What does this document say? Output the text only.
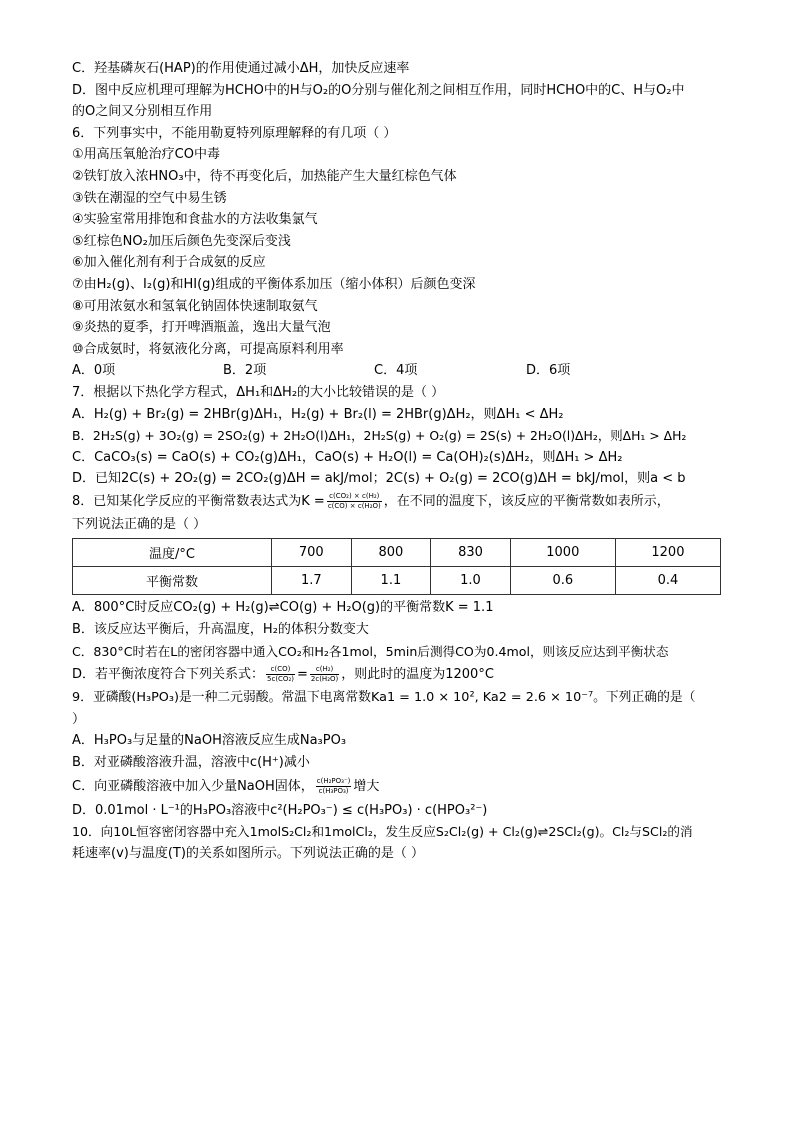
C．羟基磷灰石(HAP)的作用使通过减小ΔH，加快反应速率
D．图中反应机理可理解为HCHO中的H与O₂的O分别与催化剂之间相互作用，同时HCHO中的C、H与O₂中
的O之间又分别相互作用
6．下列事实中，不能用勒夏特列原理解释的有几项（ ）
①用高压氧舱治疗CO中毒
②铁钉放入浓HNO₃中，待不再变化后，加热能产生大量红棕色气体
③铁在潮湿的空气中易生锈
④实验室常用排饱和食盐水的方法收集氯气
⑤红棕色NO₂加压后颜色先变深后变浅
⑥加入催化剂有利于合成氨的反应
⑦由H₂(g)、I₂(g)和HI(g)组成的平衡体系加压（缩小体积）后颜色变深
⑧可用浓氨水和氢氧化钠固体快速制取氨气
⑨炎热的夏季，打开啤酒瓶盖，逸出大量气泡
⑩合成氨时，将氨液化分离，可提高原料利用率
A．0项	B．2项	C．4项	D．6项
7．根据以下热化学方程式，ΔH₁和ΔH₂的大小比较错误的是（ ）
A．H₂(g) + Br₂(g) = 2HBr(g)ΔH₁，H₂(g) + Br₂(l) = 2HBr(g)ΔH₂，则ΔH₁ < ΔH₂
B．2H₂S(g) + 3O₂(g) = 2SO₂(g) + 2H₂O(l)ΔH₁，2H₂S(g) + O₂(g) = 2S(s) + 2H₂O(l)ΔH₂，则ΔH₁ > ΔH₂
C．CaCO₃(s) = CaO(s) + CO₂(g)ΔH₁，CaO(s) + H₂O(l) = Ca(OH)₂(s)ΔH₂，则ΔH₁ > ΔH₂
D．已知2C(s) + 2O₂(g) = 2CO₂(g)ΔH = akJ/mol；2C(s) + O₂(g) = 2CO(g)ΔH = bkJ/mol，则a < b
8．已知某化学反应的平衡常数表达式为$K = \frac{\text{c(CO₂) × c(H₂)}}{\text{c(CO) × c(H₂O)}}$ ，在不同的温度下，该反应的平衡常数如表所示，
下列说法正确的是（ ）
温度/°C	700	800	830	1000	1200
平衡常数	1.7	1.1	1.0	0.6	0.4
A．800°C时反应CO₂(g) + H₂(g)⇌CO(g) + H₂O(g)的平衡常数K = 1.1
B．该反应达平衡后，升高温度，H₂的体积分数变大
C．830°C时若在L的密闭容器中通入CO₂和H₂各1mol，5min后测得CO为0.4mol，则该反应达到平衡状态
D．若平衡浓度符合下列关系式： $\frac{c(CO)}{\text{5c(CO₂)}} = \frac{\text{c(H₂)}}{\text{2c(H₂O)}}$ ，则此时的温度为1200°C
9．亚磷酸(H₃PO₃)是一种二元弱酸。常温下电离常数Ka1 = 1.0 × 10², Ka2 = 2.6 × 10⁻⁷。下列正确的是（
）
A．H₃PO₃与足量的NaOH溶液反应生成Na₃PO₃
B．对亚磷酸溶液升温，溶液中c(H⁺)减小
C．向亚磷酸溶液中加入少量NaOH固体， $\frac{\text{c(H₂PO₃⁻)}}{\text{c(H₃PO₃)}}$ 增大
D．0.01mol · L⁻¹的H₃PO₃溶液中c²(H₂PO₃⁻) ≤ c(H₃PO₃) · c(HPO₃²⁻)
10．向10L恒容密闭容器中充入1molS₂Cl₂和1molCl₂，发生反应S₂Cl₂(g) + Cl₂(g)⇌2SCl₂(g)。Cl₂与SCl₂的消
耗速率(v)与温度(T)的关系如图所示。下列说法正确的是（ ）
